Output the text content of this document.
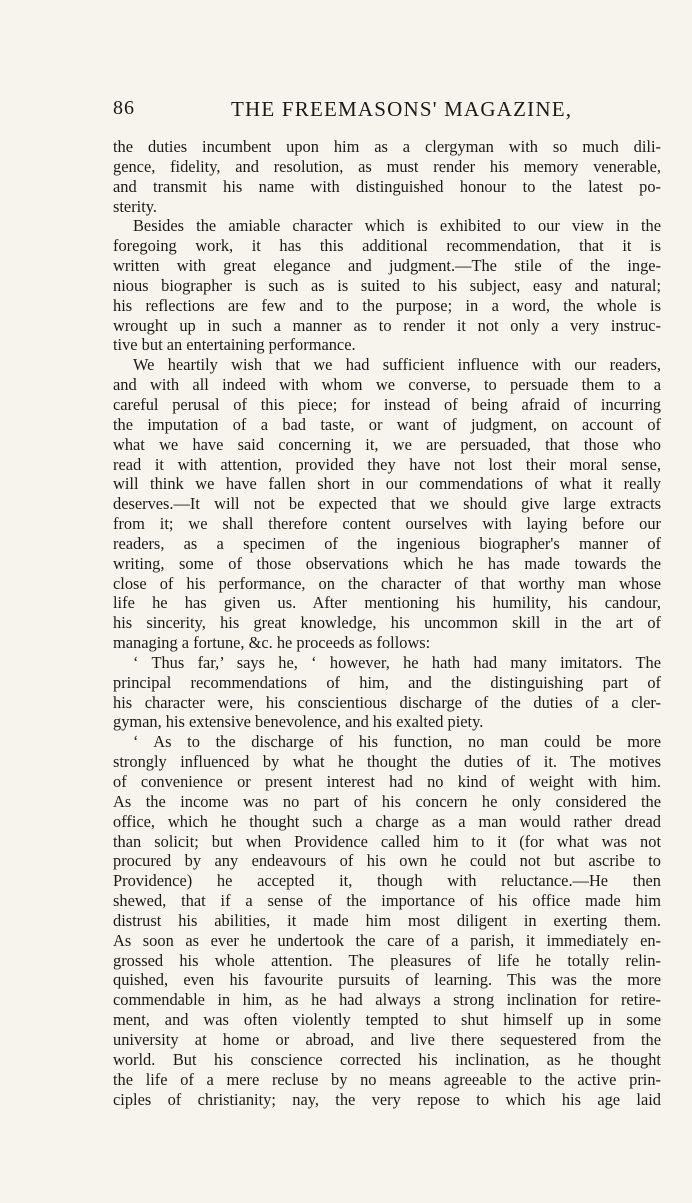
86	THE FREEMASONS' MAGAZINE,
the duties incumbent upon him as a clergyman with so much dili-
gence, fidelity, and resolution, as must render his memory venerable,
and transmit his name with distinguished honour to the latest po-
sterity.
Besides the amiable character which is exhibited to our view in the
foregoing work, it has this additional recommendation, that it is
written with great elegance and judgment.—The stile of the inge-
nious biographer is such as is suited to his subject, easy and natural;
his reflections are few and to the purpose; in a word, the whole is
wrought up in such a manner as to render it not only a very instruc-
tive but an entertaining performance.
We heartily wish that we had sufficient influence with our readers,
and with all indeed with whom we converse, to persuade them to a
careful perusal of this piece; for instead of being afraid of incurring
the imputation of a bad taste, or want of judgment, on account of
what we have said concerning it, we are persuaded, that those who
read it with attention, provided they have not lost their moral sense,
will think we have fallen short in our commendations of what it really
deserves.—It will not be expected that we should give large extracts
from it; we shall therefore content ourselves with laying before our
readers, as a specimen of the ingenious biographer's manner of
writing, some of those observations which he has made towards the
close of his performance, on the character of that worthy man whose
life he has given us. After mentioning his humility, his candour,
his sincerity, his great knowledge, his uncommon skill in the art of
managing a fortune, &c. he proceeds as follows:
‘ Thus far,’ says he, ‘ however, he hath had many imitators. The
principal recommendations of him, and the distinguishing part of
his character were, his conscientious discharge of the duties of a cler-
gyman, his extensive benevolence, and his exalted piety.
‘ As to the discharge of his function, no man could be more
strongly influenced by what he thought the duties of it. The motives
of convenience or present interest had no kind of weight with him.
As the income was no part of his concern he only considered the
office, which he thought such a charge as a man would rather dread
than solicit; but when Providence called him to it (for what was not
procured by any endeavours of his own he could not but ascribe to
Providence) he accepted it, though with reluctance.—He then
shewed, that if a sense of the importance of his office made him
distrust his abilities, it made him most diligent in exerting them.
As soon as ever he undertook the care of a parish, it immediately en-
grossed his whole attention. The pleasures of life he totally relin-
quished, even his favourite pursuits of learning. This was the more
commendable in him, as he had always a strong inclination for retire-
ment, and was often violently tempted to shut himself up in some
university at home or abroad, and live there sequestered from the
world. But his conscience corrected his inclination, as he thought
the life of a mere recluse by no means agreeable to the active prin-
ciples of christianity; nay, the very repose to which his age laid
